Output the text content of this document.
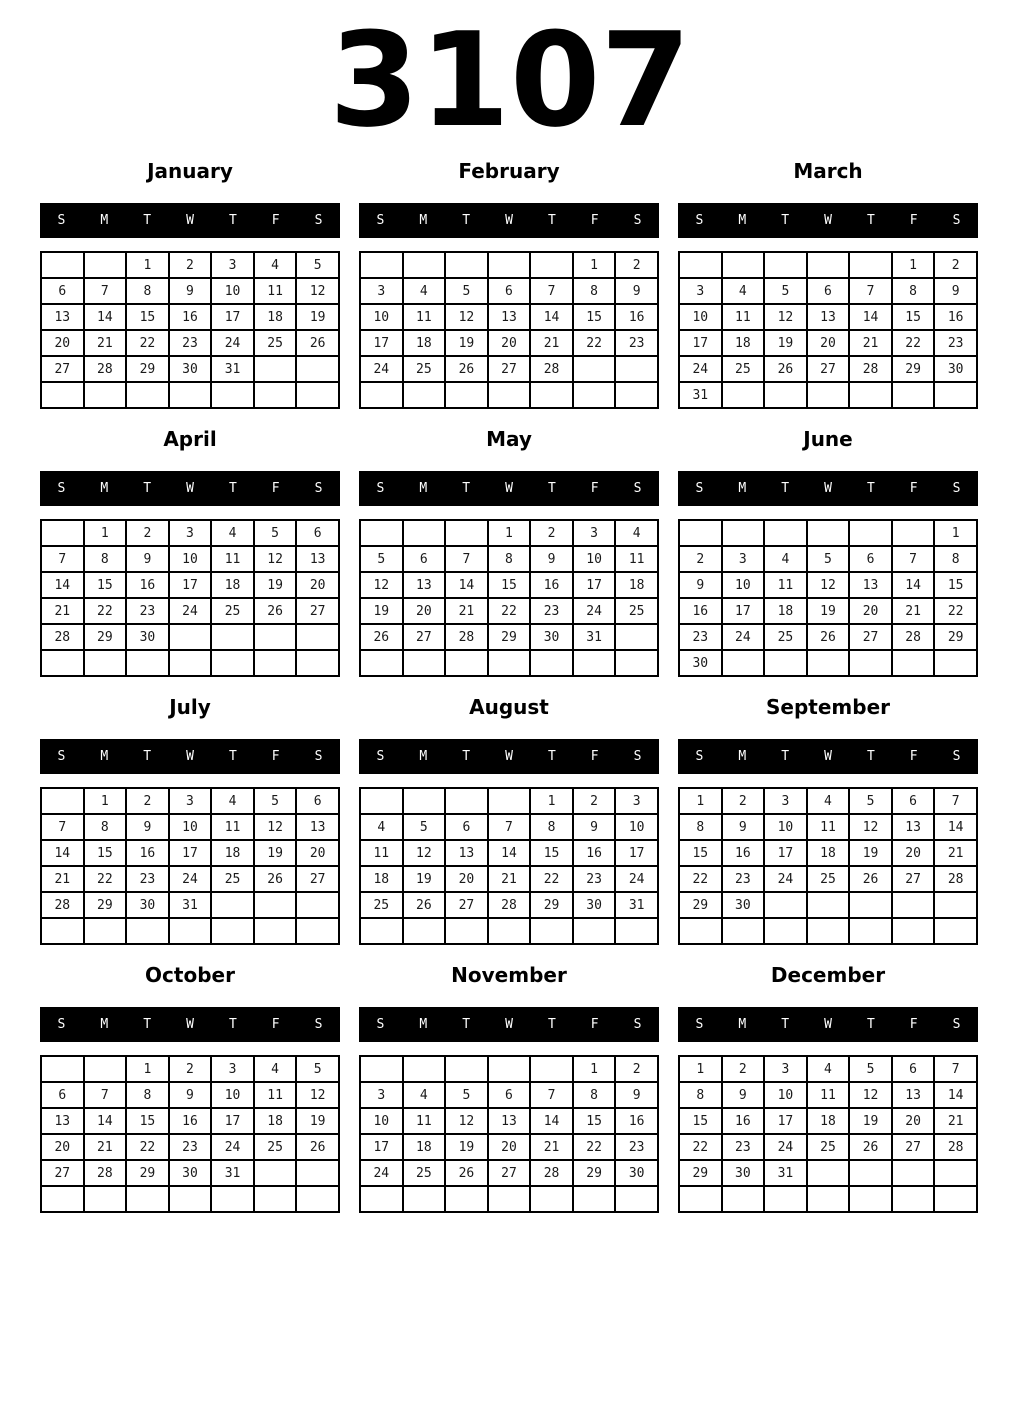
3107
January
S	M	T	W	T	F	S
		1	2	3	4	5
6	7	8	9	10	11	12
13	14	15	16	17	18	19
20	21	22	23	24	25	26
27	28	29	30	31		

February
S	M	T	W	T	F	S
					1	2
3	4	5	6	7	8	9
10	11	12	13	14	15	16
17	18	19	20	21	22	23
24	25	26	27	28		

March
S	M	T	W	T	F	S
					1	2
3	4	5	6	7	8	9
10	11	12	13	14	15	16
17	18	19	20	21	22	23
24	25	26	27	28	29	30
31						
April
S	M	T	W	T	F	S
	1	2	3	4	5	6
7	8	9	10	11	12	13
14	15	16	17	18	19	20
21	22	23	24	25	26	27
28	29	30				

May
S	M	T	W	T	F	S
			1	2	3	4
5	6	7	8	9	10	11
12	13	14	15	16	17	18
19	20	21	22	23	24	25
26	27	28	29	30	31	

June
S	M	T	W	T	F	S
						1
2	3	4	5	6	7	8
9	10	11	12	13	14	15
16	17	18	19	20	21	22
23	24	25	26	27	28	29
30						
July
S	M	T	W	T	F	S
	1	2	3	4	5	6
7	8	9	10	11	12	13
14	15	16	17	18	19	20
21	22	23	24	25	26	27
28	29	30	31			

August
S	M	T	W	T	F	S
				1	2	3
4	5	6	7	8	9	10
11	12	13	14	15	16	17
18	19	20	21	22	23	24
25	26	27	28	29	30	31

September
S	M	T	W	T	F	S
1	2	3	4	5	6	7
8	9	10	11	12	13	14
15	16	17	18	19	20	21
22	23	24	25	26	27	28
29	30					

October
S	M	T	W	T	F	S
		1	2	3	4	5
6	7	8	9	10	11	12
13	14	15	16	17	18	19
20	21	22	23	24	25	26
27	28	29	30	31		

November
S	M	T	W	T	F	S
					1	2
3	4	5	6	7	8	9
10	11	12	13	14	15	16
17	18	19	20	21	22	23
24	25	26	27	28	29	30

December
S	M	T	W	T	F	S
1	2	3	4	5	6	7
8	9	10	11	12	13	14
15	16	17	18	19	20	21
22	23	24	25	26	27	28
29	30	31				
